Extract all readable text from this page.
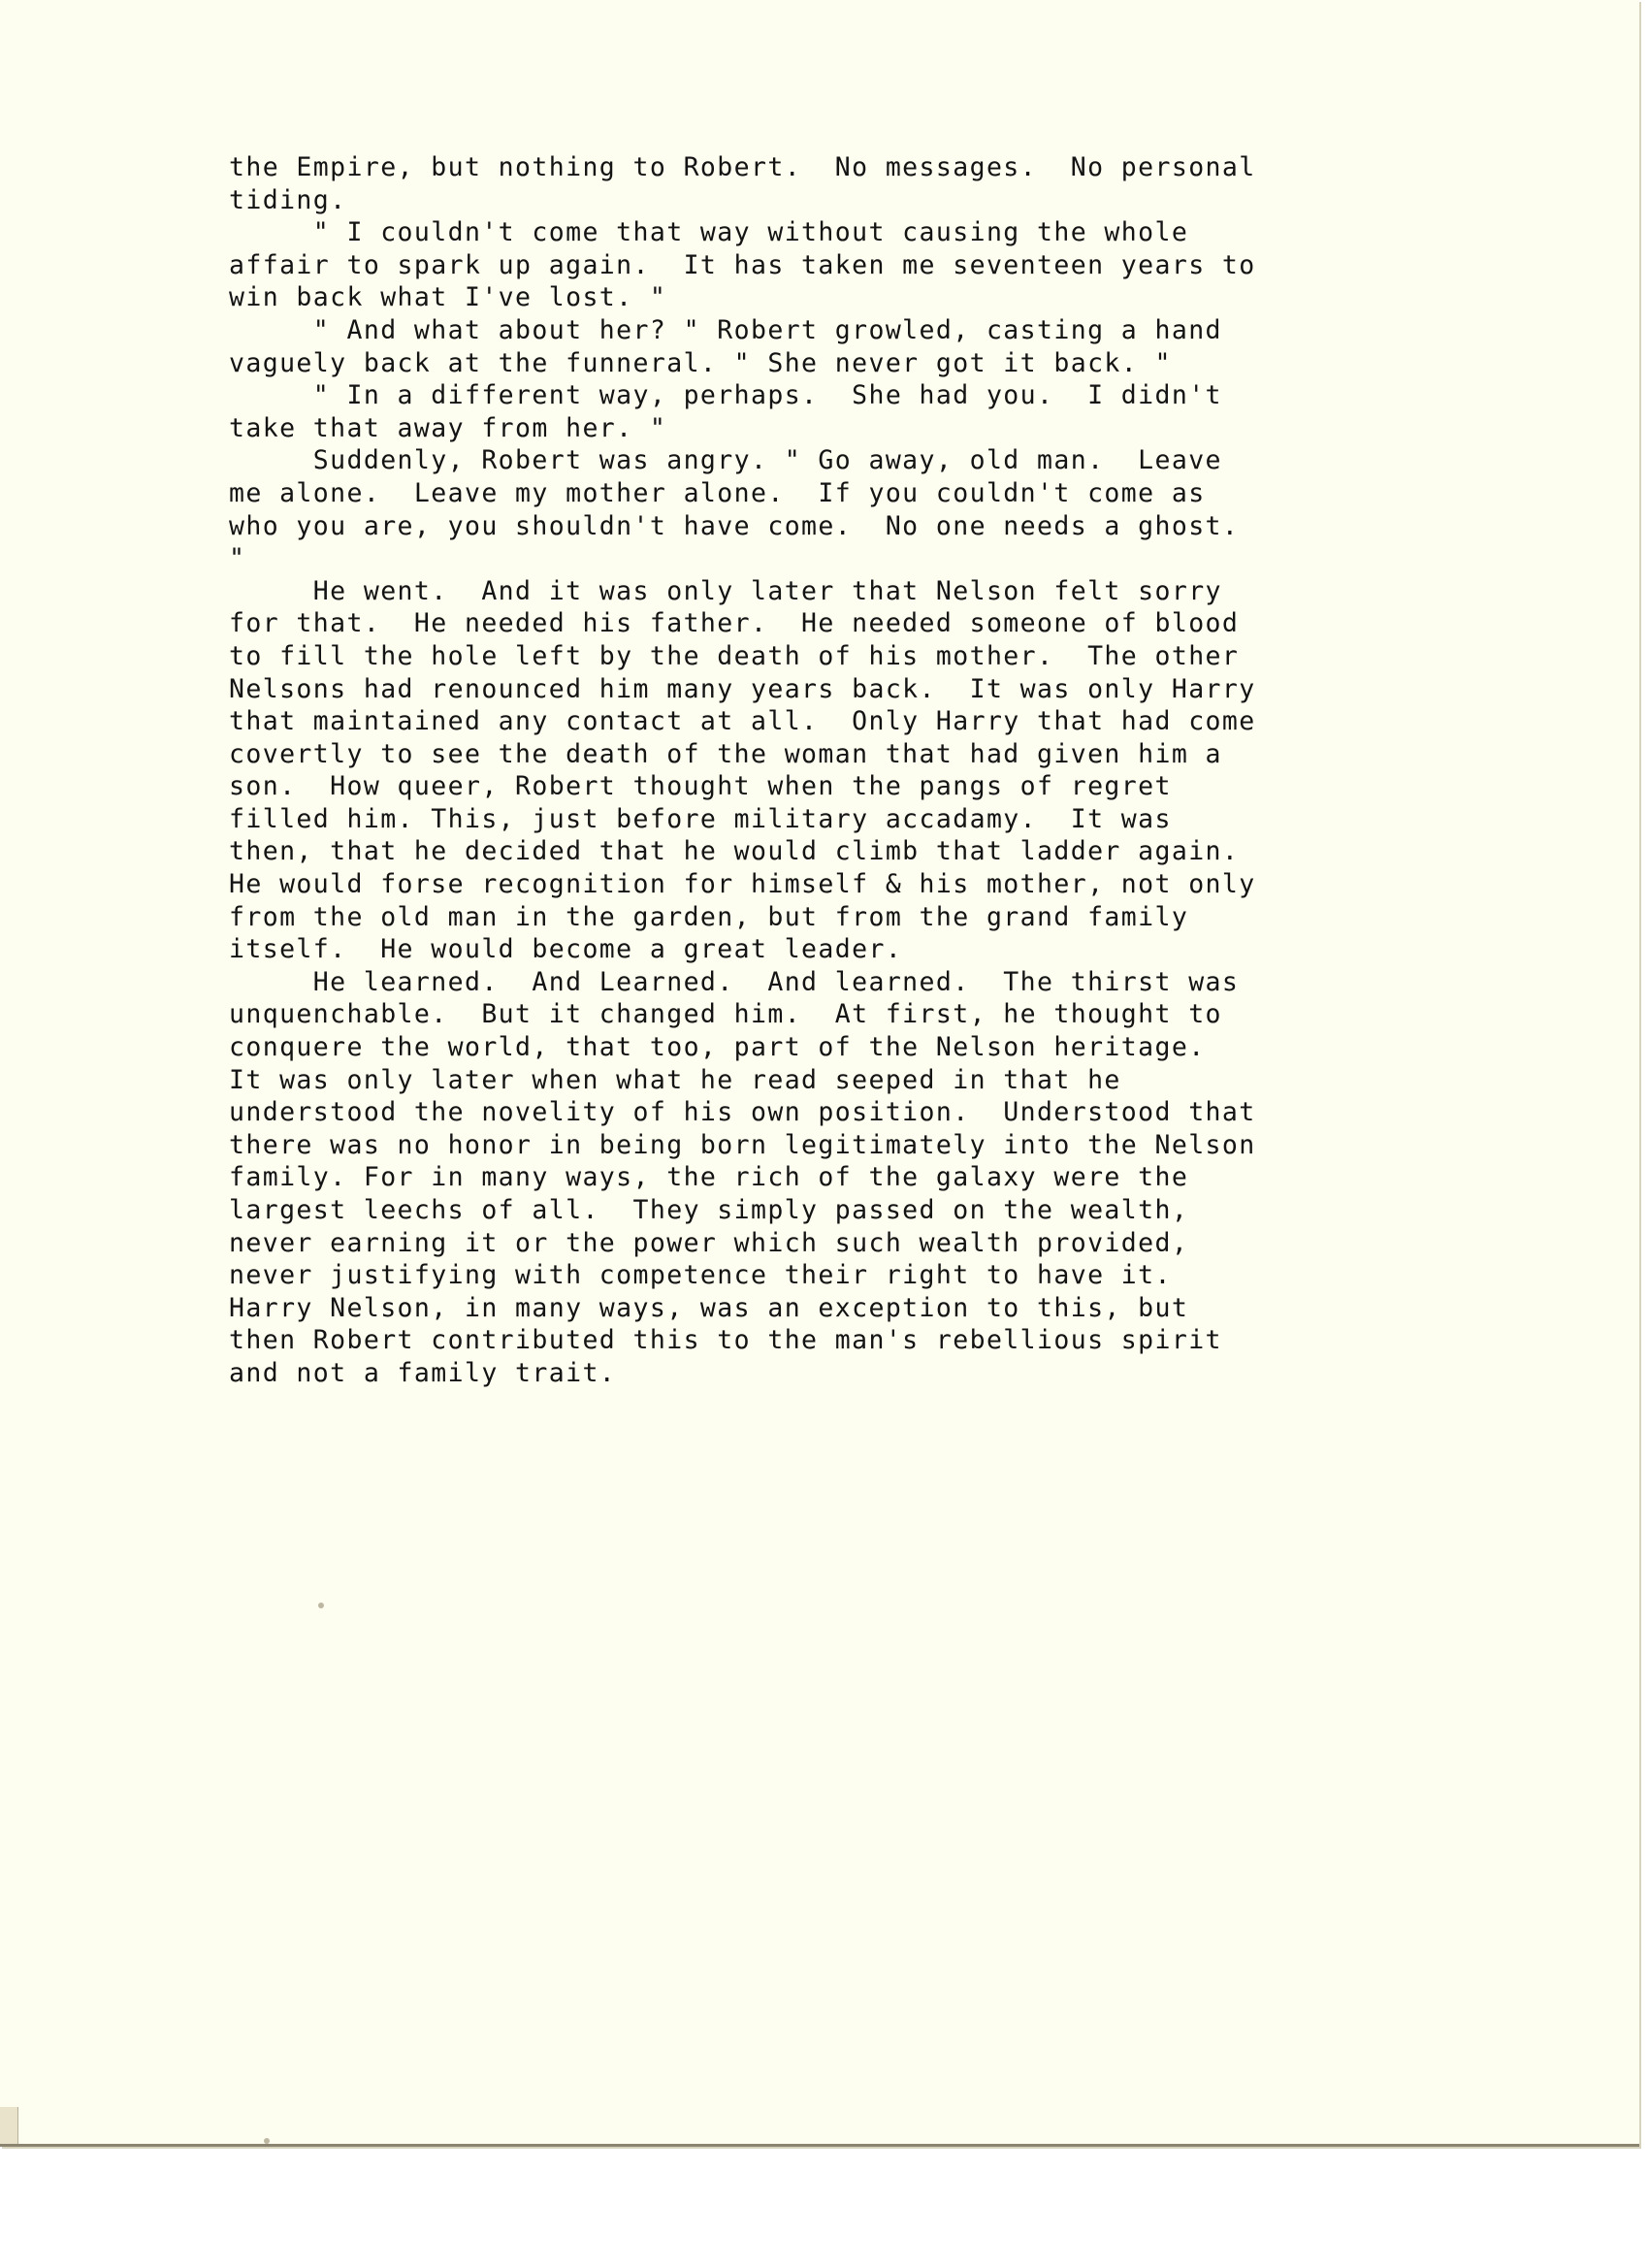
the Empire, but nothing to Robert.  No messages.  No personal
tiding.
" I couldn't come that way without causing the whole
affair to spark up again.  It has taken me seventeen years to
win back what I've lost. "
" And what about her? " Robert growled, casting a hand
vaguely back at the funneral. " She never got it back. "
" In a different way, perhaps.  She had you.  I didn't
take that away from her. "
Suddenly, Robert was angry. " Go away, old man.  Leave
me alone.  Leave my mother alone.  If you couldn't come as
who you are, you shouldn't have come.  No one needs a ghost.
"
He went.  And it was only later that Nelson felt sorry
for that.  He needed his father.  He needed someone of blood
to fill the hole left by the death of his mother.  The other
Nelsons had renounced him many years back.  It was only Harry
that maintained any contact at all.  Only Harry that had come
covertly to see the death of the woman that had given him a
son.  How queer, Robert thought when the pangs of regret
filled him. This, just before military accadamy.  It was
then, that he decided that he would climb that ladder again.
He would forse recognition for himself & his mother, not only
from the old man in the garden, but from the grand family
itself.  He would become a great leader.
He learned.  And Learned.  And learned.  The thirst was
unquenchable.  But it changed him.  At first, he thought to
conquere the world, that too, part of the Nelson heritage.
It was only later when what he read seeped in that he
understood the novelity of his own position.  Understood that
there was no honor in being born legitimately into the Nelson
family. For in many ways, the rich of the galaxy were the
largest leechs of all.  They simply passed on the wealth,
never earning it or the power which such wealth provided,
never justifying with competence their right to have it.
Harry Nelson, in many ways, was an exception to this, but
then Robert contributed this to the man's rebellious spirit
and not a family trait.
